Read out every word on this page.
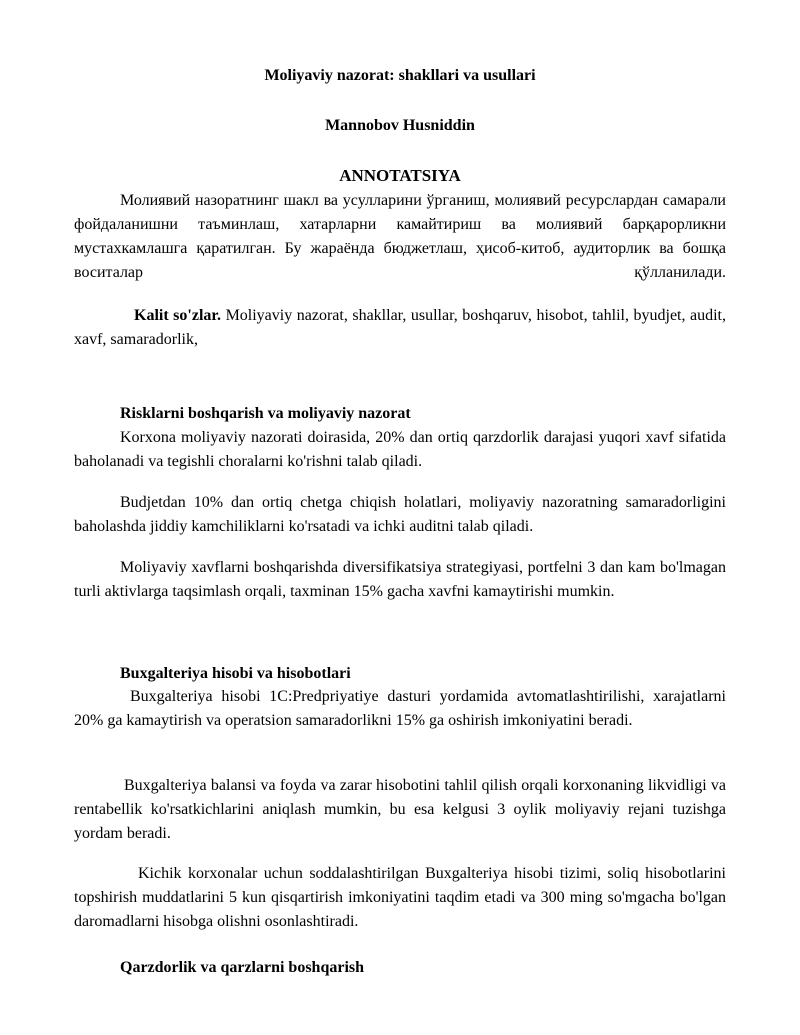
Moliyaviy nazorat: shakllari va usullari
Mannobov Husniddin
ANNOTATSIYA

Молиявий назоратнинг шакл ва усулларини ўрганиш, молиявий ресурслардан самарали фойдаланишни таъминлаш, хатарларни камайтириш ва молиявий барқарорликни мустахкамлашга қаратилган. Бу жараёнда бюджетлаш, ҳисоб-китоб, аудиторлик ва бошқа воситалар қўлланилади.

Kalit so'zlar. Moliyaviy nazorat, shakllar, usullar, boshqaruv, hisobot, tahlil, byudjet, audit, xavf, samaradorlik,

Risklarni boshqarish va moliyaviy nazorat

Korxona moliyaviy nazorati doirasida, 20% dan ortiq qarzdorlik darajasi yuqori xavf sifatida baholanadi va tegishli choralarni ko'rishni talab qiladi.

Budjetdan 10% dan ortiq chetga chiqish holatlari, moliyaviy nazoratning samaradorligini baholashda jiddiy kamchiliklarni ko'rsatadi va ichki auditni talab qiladi.

Moliyaviy xavflarni boshqarishda diversifikatsiya strategiyasi, portfelni 3 dan kam bo'lmagan turli aktivlarga taqsimlash orqali, taxminan 15% gacha xavfni kamaytirishi mumkin.

Buxgalteriya hisobi va hisobotlari

Buxgalteriya hisobi 1C:Predpriyatiye dasturi yordamida avtomatlashtirilishi, xarajatlarni 20% ga kamaytirish va operatsion samaradorlikni 15% ga oshirish imkoniyatini beradi.

Buxgalteriya balansi va foyda va zarar hisobotini tahlil qilish orqali korxonaning likvidligi va rentabellik ko'rsatkichlarini aniqlash mumkin, bu esa kelgusi 3 oylik moliyaviy rejani tuzishga yordam beradi.

Kichik korxonalar uchun soddalashtirilgan Buxgalteriya hisobi tizimi, soliq hisobotlarini topshirish muddatlarini 5 kun qisqartirish imkoniyatini taqdim etadi va 300 ming so'mgacha bo'lgan daromadlarni hisobga olishni osonlashtiradi.

Qarzdorlik va qarzlarni boshqarish
